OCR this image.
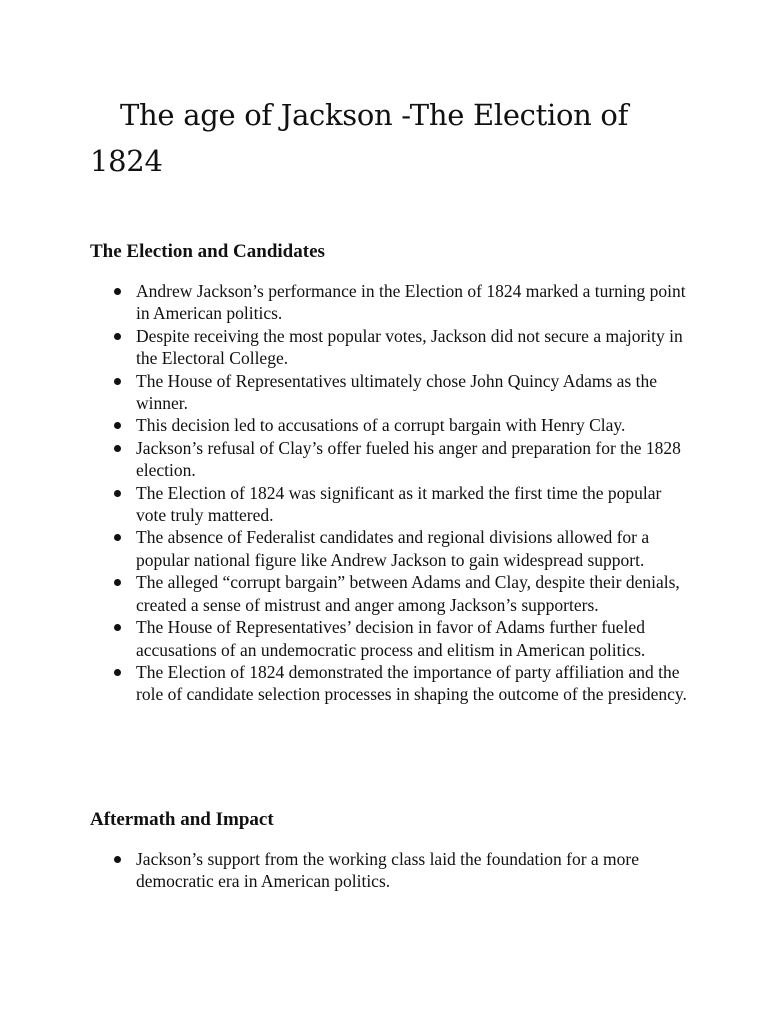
The age of Jackson -The Election of 1824
The Election and Candidates
Andrew Jackson’s performance in the Election of 1824 marked a turning point in American politics.
Despite receiving the most popular votes, Jackson did not secure a majority in the Electoral College.
The House of Representatives ultimately chose John Quincy Adams as the winner.
This decision led to accusations of a corrupt bargain with Henry Clay.
Jackson’s refusal of Clay’s offer fueled his anger and preparation for the 1828 election.
The Election of 1824 was significant as it marked the first time the popular vote truly mattered.
The absence of Federalist candidates and regional divisions allowed for a popular national figure like Andrew Jackson to gain widespread support.
The alleged “corrupt bargain” between Adams and Clay, despite their denials, created a sense of mistrust and anger among Jackson’s supporters.
The House of Representatives’ decision in favor of Adams further fueled accusations of an undemocratic process and elitism in American politics.
The Election of 1824 demonstrated the importance of party affiliation and the role of candidate selection processes in shaping the outcome of the presidency.
Aftermath and Impact
Jackson’s support from the working class laid the foundation for a more democratic era in American politics.
